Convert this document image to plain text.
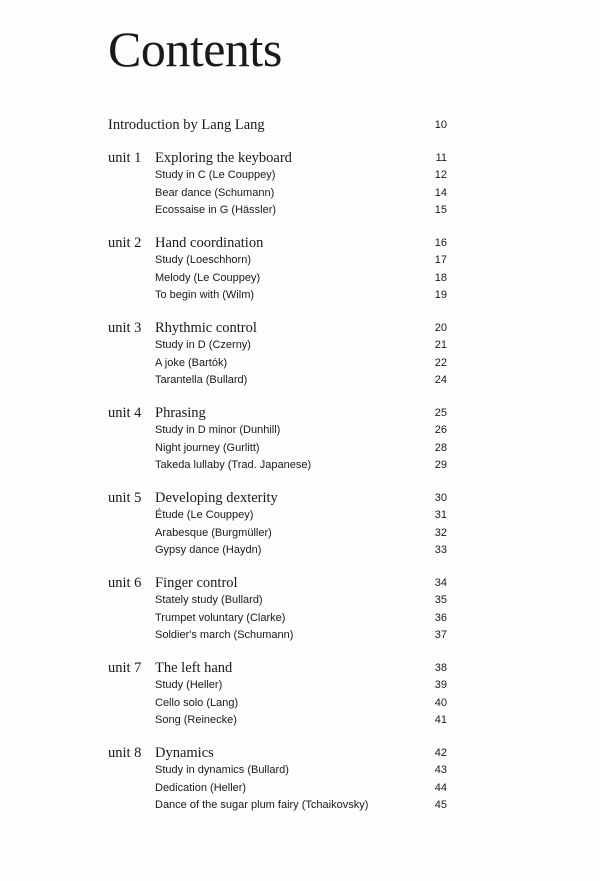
Contents
Introduction by Lang Lang	10
unit 1 Exploring the keyboard	11
Study in C (Le Couppey)	12
Bear dance (Schumann)	14
Ecossaise in G (Hässler)	15
unit 2 Hand coordination	16
Study (Loeschhorn)	17
Melody (Le Couppey)	18
To begin with (Wilm)	19
unit 3 Rhythmic control	20
Study in D (Czerny)	21
A joke (Bartók)	22
Tarantella (Bullard)	24
unit 4 Phrasing	25
Study in D minor (Dunhill)	26
Night journey (Gurlitt)	28
Takeda lullaby (Trad. Japanese)	29
unit 5 Developing dexterity	30
Étude (Le Couppey)	31
Arabesque (Burgmüller)	32
Gypsy dance (Haydn)	33
unit 6 Finger control	34
Stately study (Bullard)	35
Trumpet voluntary (Clarke)	36
Soldier's march (Schumann)	37
unit 7 The left hand	38
Study (Heller)	39
Cello solo (Lang)	40
Song (Reinecke)	41
unit 8 Dynamics	42
Study in dynamics (Bullard)	43
Dedication (Heller)	44
Dance of the sugar plum fairy (Tchaikovsky)	45
